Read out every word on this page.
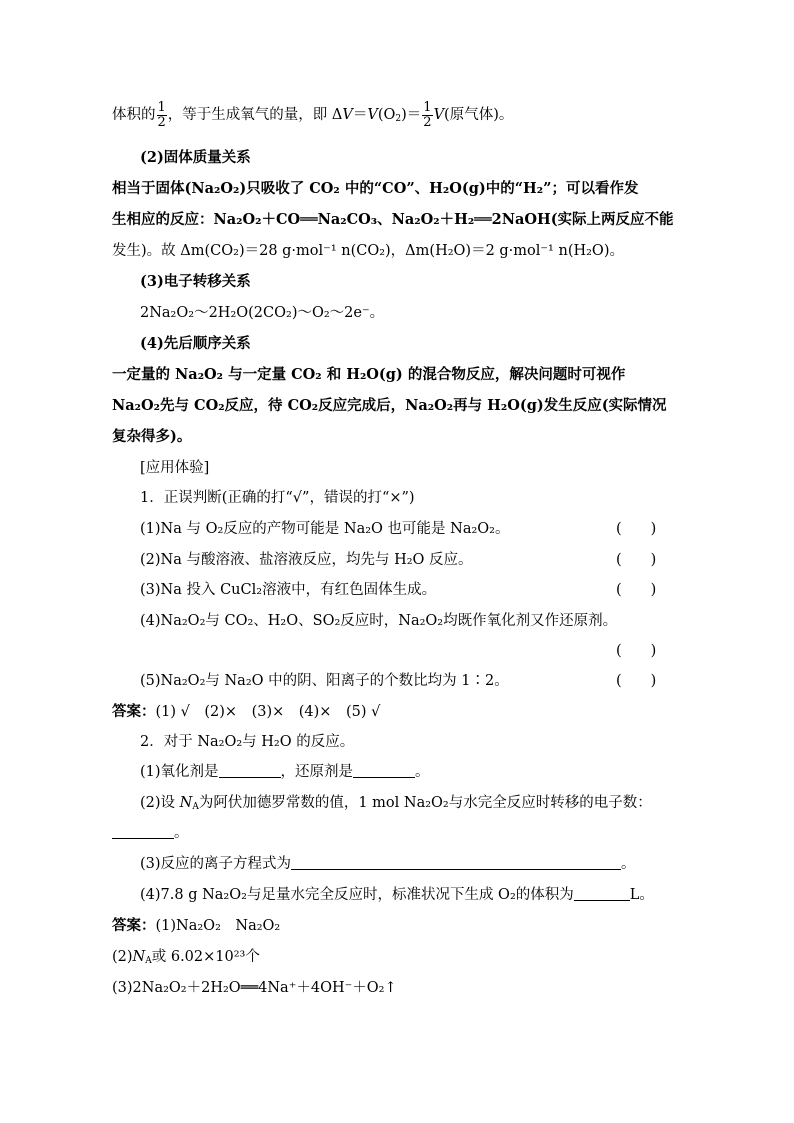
体积的 $\frac{1}{2}$ ，等于生成氧气的量，即 $\Delta V=V(O_2)= \frac{1}{2} V$(原气体)。
(2)固体质量关系
相当于固体(Na₂O₂)只吸收了 CO₂ 中的“CO”、H₂O(g)中的“H₂”；可以看作发
生相应的反应：Na₂O₂＋CO══Na₂CO₃、Na₂O₂＋H₂══2NaOH(实际上两反应不能
发生)。故 Δm(CO₂)＝28 g·mol⁻¹ n(CO₂)，Δm(H₂O)＝2 g·mol⁻¹ n(H₂O)。
(3)电子转移关系
2Na₂O₂～2H₂O(2CO₂)～O₂～2e⁻。
(4)先后顺序关系
一定量的 Na₂O₂ 与一定量 CO₂ 和 H₂O(g) 的混合物反应，解决问题时可视作
Na₂O₂先与 CO₂反应，待 CO₂反应完成后，Na₂O₂再与 H₂O(g)发生反应(实际情况
复杂得多)。
[应用体验]
1．正误判断(正确的打“√”，错误的打“×”)
(1)Na 与 O₂反应的产物可能是 Na₂O 也可能是 Na₂O₂。	(　　)
(2)Na 与酸溶液、盐溶液反应，均先与 H₂O 反应。	(　　)
(3)Na 投入 CuCl₂溶液中，有红色固体生成。	(　　)
(4)Na₂O₂与 CO₂、H₂O、SO₂反应时，Na₂O₂均既作氧化剂又作还原剂。
(　　)
(5)Na₂O₂与 Na₂O 中的阴、阳离子的个数比均为 1∶2。	(　　)
答案：(1) √　(2)×　(3)×　(4)×　(5) √
2．对于 Na₂O₂与 H₂O 的反应。
(1)氧化剂是	，还原剂是	。
(2)设 $N_A$为阿伏加德罗常数的值，1 mol Na₂O₂与水完全反应时转移的电子数：
。
(3)反应的离子方程式为	。
(4)7.8 g Na₂O₂与足量水完全反应时，标准状况下生成 O₂的体积为	L。
答案：(1)Na₂O₂　Na₂O₂
$(2)N_A$或 6.02×10²³个
(3)2Na₂O₂＋2H₂O══4Na⁺＋4OH⁻＋O₂↑
